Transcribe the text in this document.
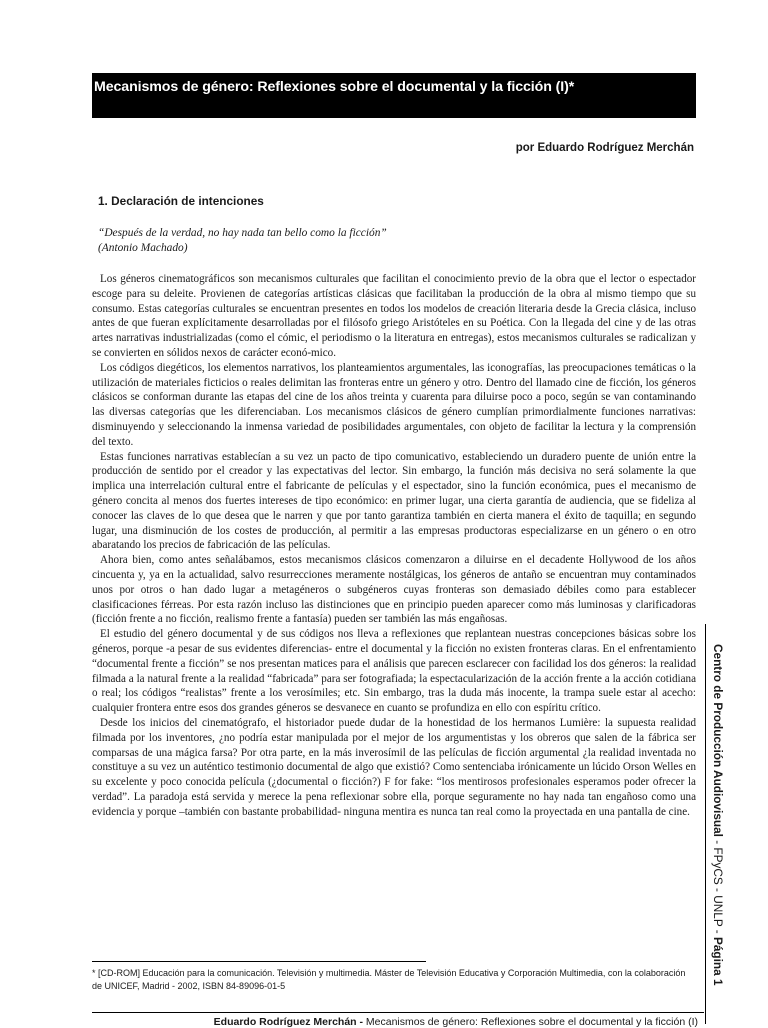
Mecanismos de género: Reflexiones sobre el documental y la ficción (I)*
por Eduardo Rodríguez Merchán
1. Declaración de intenciones
“Después de la verdad, no hay nada tan bello como la ficción”
(Antonio Machado)

Los géneros cinematográficos son mecanismos culturales que facilitan el conocimiento previo de la obra que el lector o espectador escoge para su deleite. Provienen de categorías artísticas clásicas que facilitaban la producción de la obra al mismo tiempo que su consumo. Estas categorías culturales se encuentran presentes en todos los modelos de creación literaria desde la Grecia clásica, incluso antes de que fueran explícitamente desarrolladas por el filósofo griego Aristóteles en su Poética. Con la llegada del cine y de las otras artes narrativas industrializadas (como el cómic, el periodismo o la literatura en entregas), estos mecanismos culturales se radicalizan y se convierten en sólidos nexos de carácter econó-mico.

Los códigos diegéticos, los elementos narrativos, los planteamientos argumentales, las iconografías, las preocupaciones temáticas o la utilización de materiales ficticios o reales delimitan las fronteras entre un género y otro. Dentro del llamado cine de ficción, los géneros clásicos se conforman durante las etapas del cine de los años treinta y cuarenta para diluirse poco a poco, según se van contaminando las diversas categorías que les diferenciaban. Los mecanismos clásicos de género cumplían primordialmente funciones narrativas: disminuyendo y seleccionando la inmensa variedad de posibilidades argumentales, con objeto de facilitar la lectura y la comprensión del texto.

Estas funciones narrativas establecían a su vez un pacto de tipo comunicativo, estableciendo un duradero puente de unión entre la producción de sentido por el creador y las expectativas del lector. Sin embargo, la función más decisiva no será solamente la que implica una interrelación cultural entre el fabricante de películas y el espectador, sino la función económica, pues el mecanismo de género concita al menos dos fuertes intereses de tipo económico: en primer lugar, una cierta garantía de audiencia, que se fideliza al conocer las claves de lo que desea que le narren y que por tanto garantiza también en cierta manera el éxito de taquilla; en segundo lugar, una disminución de los costes de producción, al permitir a las empresas productoras especializarse en un género o en otro abaratando los precios de fabricación de las películas.

Ahora bien, como antes señalábamos, estos mecanismos clásicos comenzaron a diluirse en el decadente Hollywood de los años cincuenta y, ya en la actualidad, salvo resurrecciones meramente nostálgicas, los géneros de antaño se encuentran muy contaminados unos por otros o han dado lugar a metagéneros o subgéneros cuyas fronteras son demasiado débiles como para establecer clasificaciones férreas. Por esta razón incluso las distinciones que en principio pueden aparecer como más luminosas y clarificadoras (ficción frente a no ficción, realismo frente a fantasía) pueden ser también las más engañosas.

El estudio del género documental y de sus códigos nos lleva a reflexiones que replantean nuestras concepciones básicas sobre los géneros, porque -a pesar de sus evidentes diferencias- entre el documental y la ficción no existen fronteras claras. En el enfrentamiento “documental frente a ficción” se nos presentan matices para el análisis que parecen esclarecer con facilidad los dos géneros: la realidad filmada a la natural frente a la realidad “fabricada” para ser fotografiada; la espectacularización de la acción frente a la acción cotidiana o real; los códigos “realistas” frente a los verosímiles; etc. Sin embargo, tras la duda más inocente, la trampa suele estar al acecho: cualquier frontera entre esos dos grandes géneros se desvanece en cuanto se profundiza en ello con espíritu crítico.

Desde los inicios del cinematógrafo, el historiador puede dudar de la honestidad de los hermanos Lumière: la supuesta realidad filmada por los inventores, ¿no podría estar manipulada por el mejor de los argumentistas y los obreros que salen de la fábrica ser comparsas de una mágica farsa? Por otra parte, en la más inverosímil de las películas de ficción argumental ¿la realidad inventada no constituye a su vez un auténtico testimonio documental de algo que existió? Como sentenciaba irónicamente un lúcido Orson Welles en su excelente y poco conocida película (¿documental o ficción?) F for fake: “los mentirosos profesionales esperamos poder ofrecer la verdad”. La paradoja está servida y merece la pena reflexionar sobre ella, porque seguramente no hay nada tan engañoso como una evidencia y porque –también con bastante probabilidad- ninguna mentira es nunca tan real como la proyectada en una pantalla de cine.

* [CD-ROM] Educación para la comunicación. Televisión y multimedia. Máster de Televisión Educativa y Corporación Multimedia, con la colaboración de UNICEF, Madrid - 2002, ISBN 84-89096-01-5
Eduardo Rodríguez Merchán - Mecanismos de género: Reflexiones sobre el documental y la ficción (I)
Centro de Producción Audiovisual - FPyCS - UNLP - Página 1
